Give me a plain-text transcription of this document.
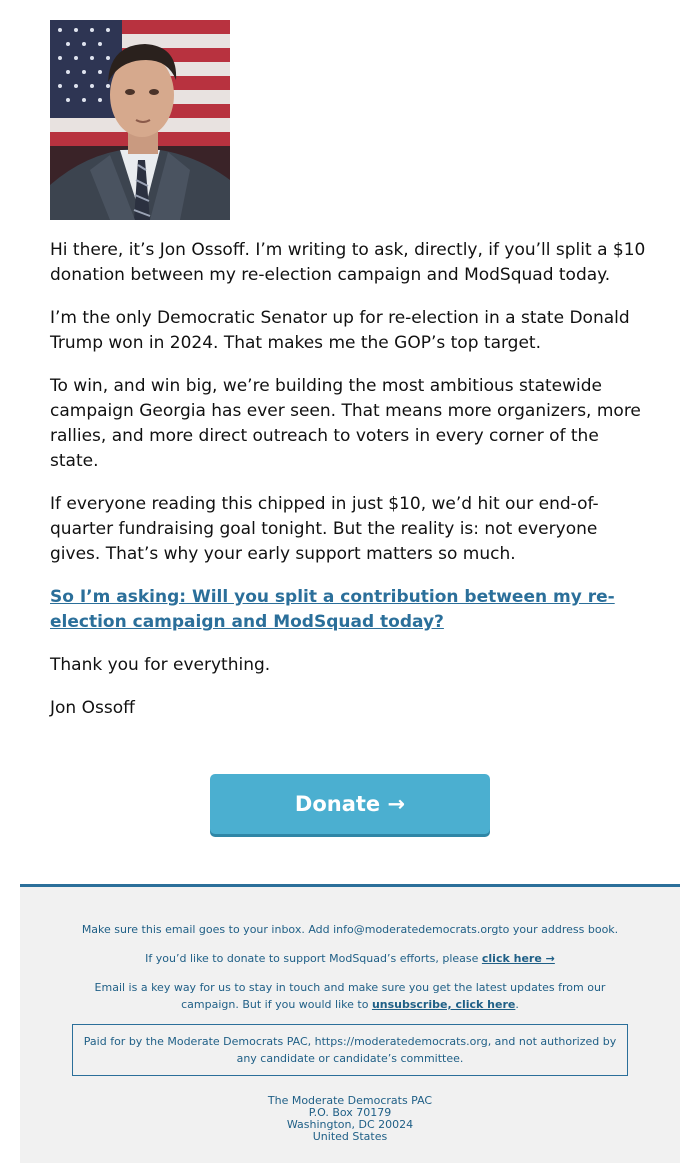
Hi there, it’s Jon Ossoff. I’m writing to ask, directly, if you’ll split a $10 donation between my re-election campaign and ModSquad today.

I’m the only Democratic Senator up for re-election in a state Donald Trump won in 2024. That makes me the GOP’s top target.

To win, and win big, we’re building the most ambitious statewide campaign Georgia has ever seen. That means more organizers, more rallies, and more direct outreach to voters in every corner of the state.

If everyone reading this chipped in just $10, we’d hit our end-of-quarter fundraising goal tonight. But the reality is: not everyone gives. That’s why your early support matters so much.

So I’m asking: Will you split a contribution between my re-election campaign and ModSquad today?

Thank you for everything.

Jon Ossoff

Donate →
Make sure this email goes to your inbox. Add info@moderatedemocrats.orgto your address book.
If you’d like to donate to support ModSquad’s efforts, please click here →
Email is a key way for us to stay in touch and make sure you get the latest updates from our campaign. But if you would like to unsubscribe, click here.
Paid for by the Moderate Democrats PAC, https://moderatedemocrats.org, and not authorized by any candidate or candidate’s committee.
The Moderate Democrats PAC
P.O. Box 70179
Washington, DC 20024
United States
